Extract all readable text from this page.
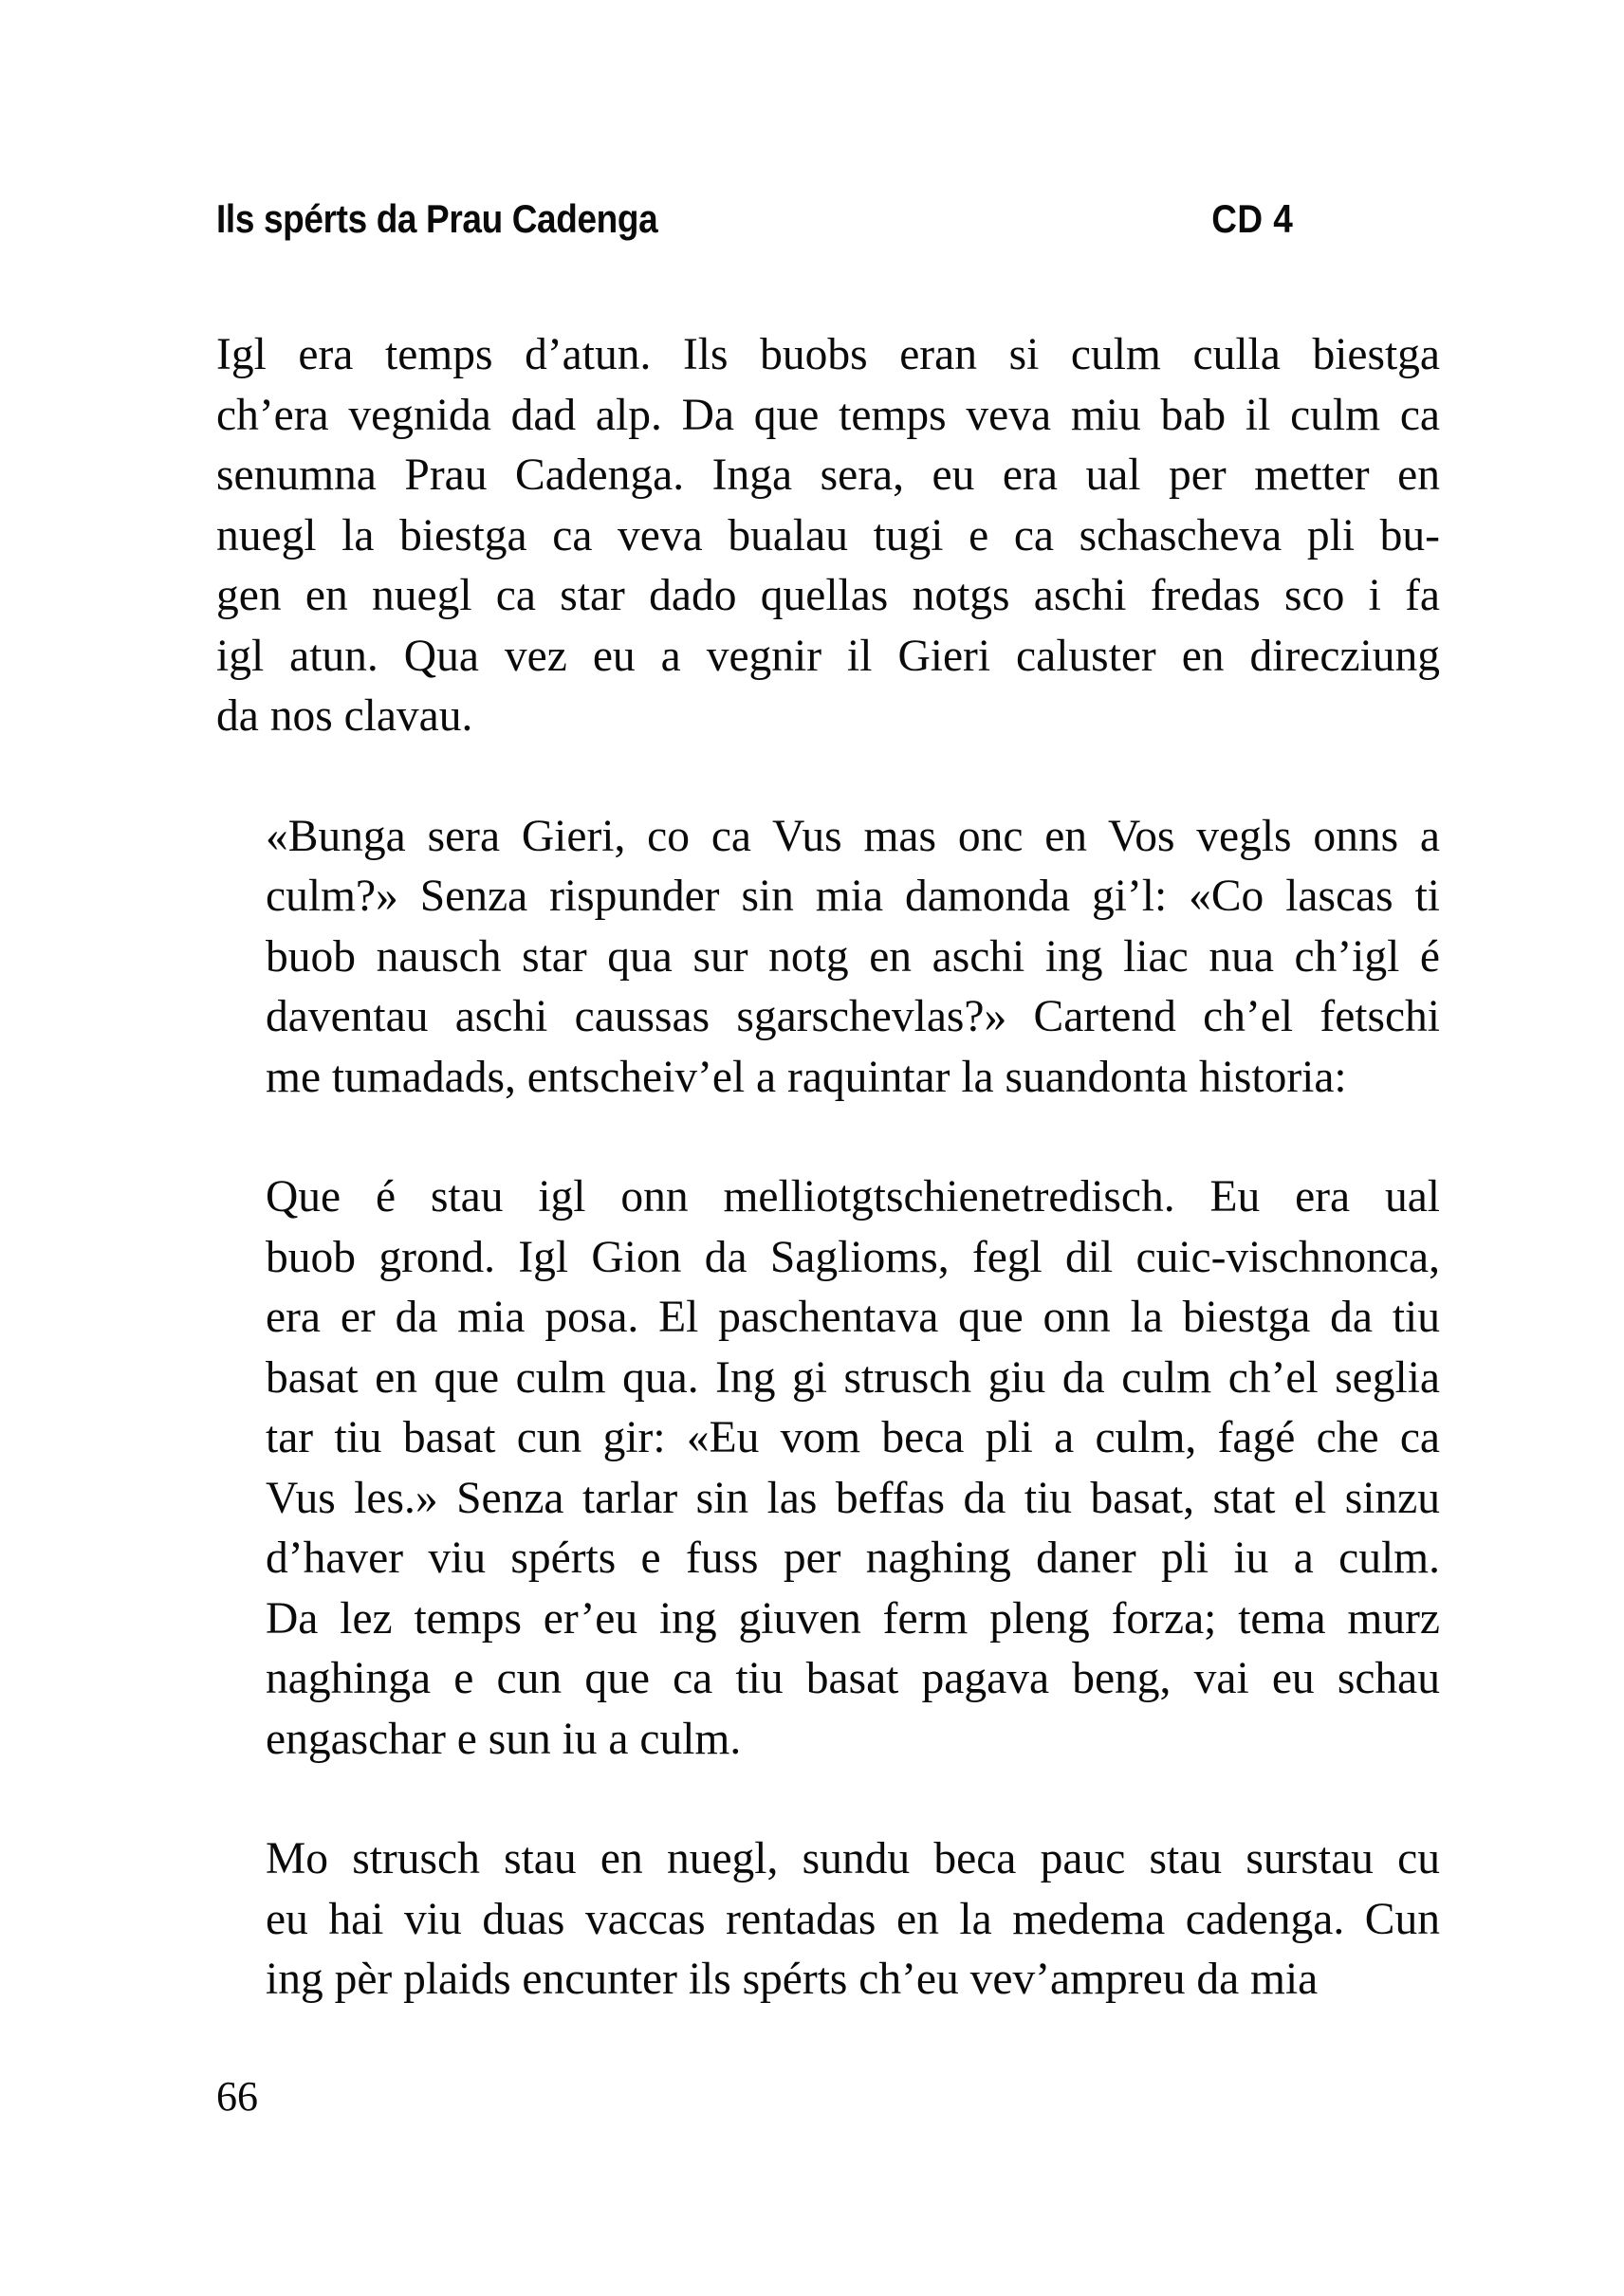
Ils spérts da Prau Cadenga	CD 4

Igl era temps d’atun. Ils buobs eran si culm culla biestga
ch’era vegnida dad alp. Da que temps veva miu bab il culm ca
senumna Prau Cadenga. Inga sera, eu era ual per metter en
nuegl la biestga ca veva bualau tugi e ca schascheva pli bu-
gen en nuegl ca star dado quellas notgs aschi fredas sco i fa
igl atun. Qua vez eu a vegnir il Gieri caluster en direcziung
da nos clavau.

«Bunga sera Gieri, co ca Vus mas onc en Vos vegls onns a
culm?» Senza rispunder sin mia damonda gi’l: «Co lascas ti
buob nausch star qua sur notg en aschi ing liac nua ch’igl é
daventau aschi caussas sgarschevlas?» Cartend ch’el fetschi
me tumadads, entscheiv’el a raquintar la suandonta historia:

Que é stau igl onn melliotgtschienetredisch. Eu era ual
buob grond. Igl Gion da Saglioms, fegl dil cuic-vischnonca,
era er da mia posa. El paschentava que onn la biestga da tiu
basat en que culm qua. Ing gi strusch giu da culm ch’el seglia
tar tiu basat cun gir: «Eu vom beca pli a culm, fagé che ca
Vus les.» Senza tarlar sin las beffas da tiu basat, stat el sinzu
d’haver viu spérts e fuss per naghing daner pli iu a culm.
Da lez temps er’eu ing giuven ferm pleng forza; tema murz
naghinga e cun que ca tiu basat pagava beng, vai eu schau
engaschar e sun iu a culm.

Mo strusch stau en nuegl, sundu beca pauc stau surstau cu
eu hai viu duas vaccas rentadas en la medema cadenga. Cun
ing pèr plaids encunter ils spérts ch’eu vev’ampreu da mia

66
